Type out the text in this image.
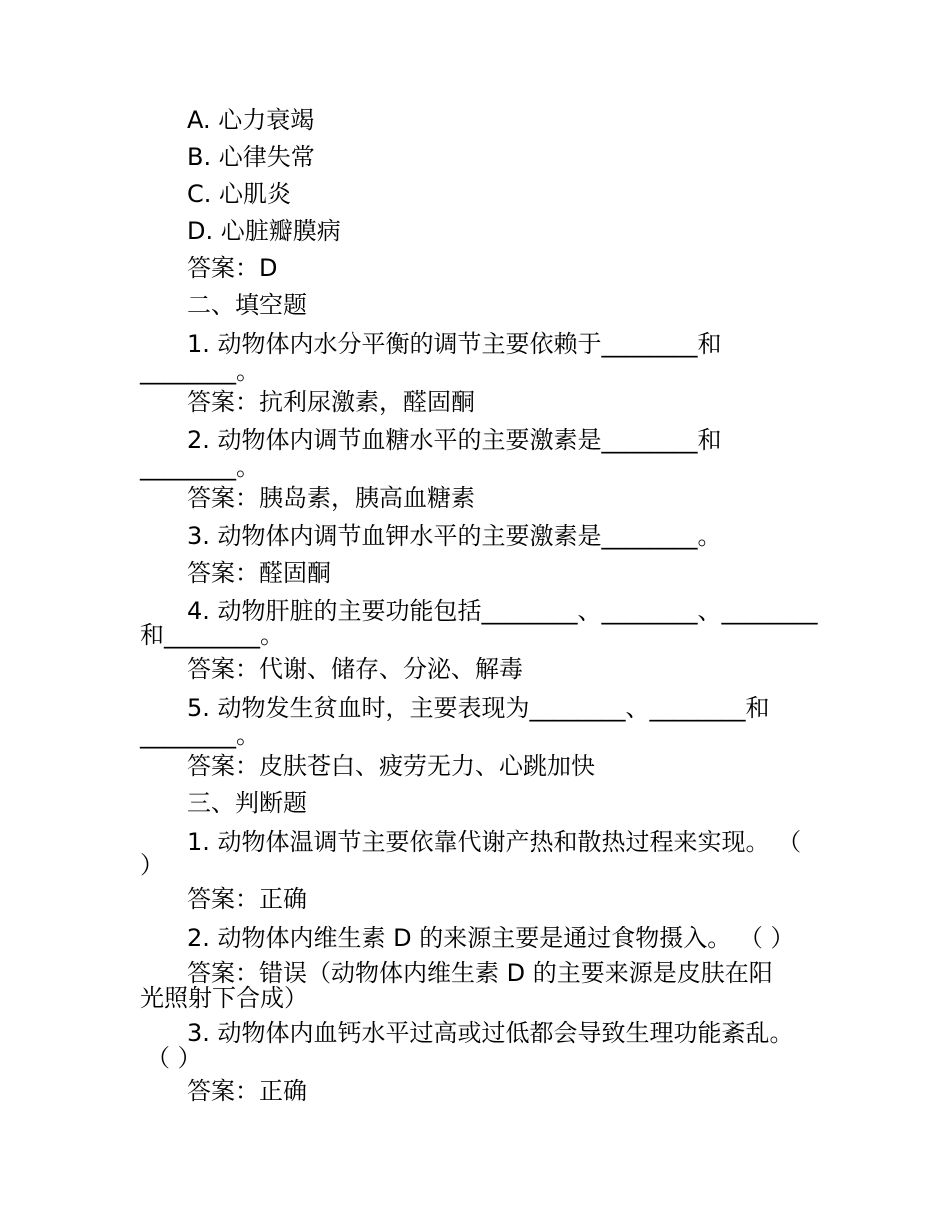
A. 心力衰竭
B. 心律失常
C. 心肌炎
D. 心脏瓣膜病
答案：D
二、填空题
1. 动物体内水分平衡的调节主要依赖于________和
________。
答案：抗利尿激素，醛固酮
2. 动物体内调节血糖水平的主要激素是________和
________。
答案：胰岛素，胰高血糖素
3. 动物体内调节血钾水平的主要激素是________。
答案：醛固酮
4. 动物肝脏的主要功能包括________、________、________
和________。
答案：代谢、储存、分泌、解毒
5. 动物发生贫血时，主要表现为________、________和
________。
答案：皮肤苍白、疲劳无力、心跳加快
三、判断题
1. 动物体温调节主要依靠代谢产热和散热过程来实现。 （
）
答案：正确
2. 动物体内维生素 D 的来源主要是通过食物摄入。 （ ）
答案：错误（动物体内维生素 D 的主要来源是皮肤在阳
光照射下合成）
3. 动物体内血钙水平过高或过低都会导致生理功能紊乱。
（ ）
答案：正确
